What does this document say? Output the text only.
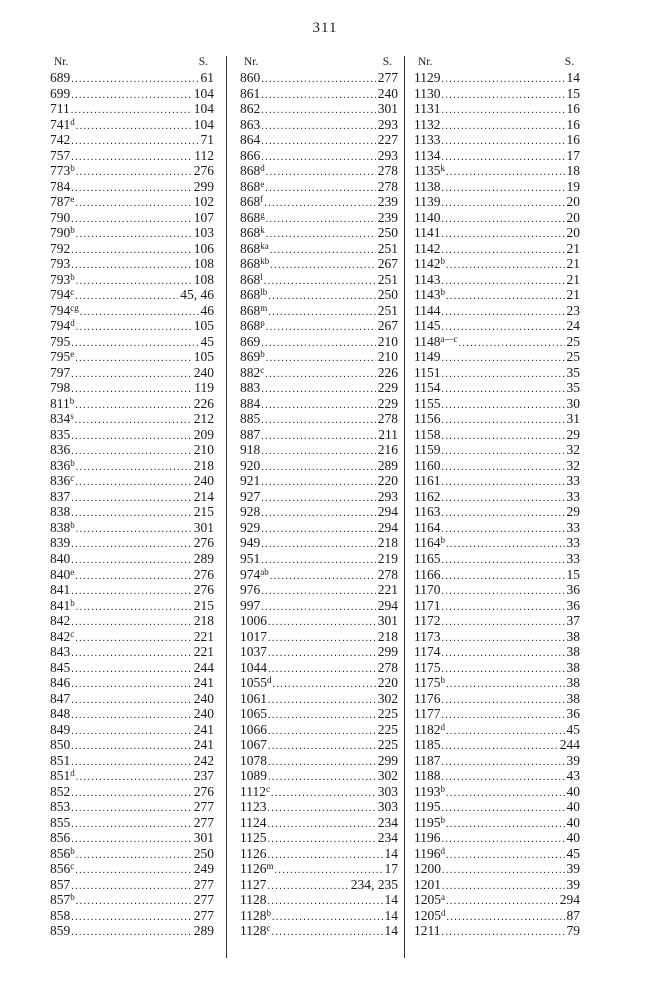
311
Nr.	S.
689 .....	61
699 .....	104
711 .....	104
741$^d$ .....	104
742 .....	71
757 .....	112
773$^b$ .....	276
784 .....	299
787e .....	102
790 .....	107
790$^b$ .....	103
792 .....	106
793 .....	108
793$^b$ .....	108
794$^c$ .....	45, 46
$794^{cg}$ .....	46
794$^d$ .....	105
795 .....	45
795e .....	105
797 .....	240
798 .....	119
811$^b$ .....	226
834$^s$ .....	212
835 .....	209
836 .....	210
836$^b$ .....	218
836$^c$ .....	240
837 .....	214
838 .....	215
838$^b$ .....	301
839 .....	276
840 .....	289
840e .....	276
841 .....	276
841$^b$ .....	215
842 .....	218
842$^c$ .....	221
843 .....	221
845 .....	244
846 .....	241
847 .....	240
848 .....	240
849 .....	241
850 .....	241
851 .....	242
851$^d$ .....	237
852 .....	276
853 .....	277
855 .....	277
856 .....	301
856$^b$ .....	250
856$^c$ .....	249
857 .....	277
857$^b$ .....	277
858 .....	277
859 .....	289
Nr.	S.
860 .....	277
861 .....	240
862 .....	301
863 .....	293
864 .....	227
866 .....	293
868$^d$ .....	278
868e .....	278
868$^f$ .....	239
868$^g$ .....	239
868$^k$ .....	250
$868^{ka}$ .....	251
$868^{kb}$ .....	267
868$^l$ .....	251
$868^{lb}$ .....	250
868$^m$ .....	251
868$^p$ .....	267
869 .....	210
869$^b$ .....	210
882$^c$ .....	226
883 .....	229
884 .....	229
885 .....	278
887 .....	211
918 .....	216
920 .....	289
921 .....	220
927 .....	293
928 .....	294
929 .....	294
949 .....	218
951 .....	219
$974^{ab}$ .....	278
976 .....	221
997 .....	294
1006 .....	301
1017 .....	218
1037 .....	299
1044 .....	278
1055$^d$ .....	220
1061 .....	302
1065 .....	225
1066 .....	225
1067 .....	225
1078 .....	299
1089 .....	302
1112$^c$ .....	303
1123 .....	303
1124 .....	234
1125 .....	234
1126 .....	14
1126$^m$ .....	17
1127 .....	234, 235
1128 .....	14
1128$^b$ .....	14
1128$^c$ .....	14
Nr.	S.
1129 .....	14
1130 .....	15
1131 .....	16
1132 .....	16
1133 .....	16
1134 .....	17
1135$^k$ .....	18
1138 .....	19
1139 .....	20
1140 .....	20
1141 .....	20
1142 .....	21
1142$^b$ .....	21
1143 .....	21
1143$^b$ .....	21
1144 .....	23
1145 .....	24
$1148^{a—c}$ .....	25
1149 .....	25
1151 .....	35
1154 .....	35
1155 .....	30
1156 .....	31
1158 .....	29
1159 .....	32
1160 .....	32
1161 .....	33
1162 .....	33
1163 .....	29
1164 .....	33
1164$^b$ .....	33
1165 .....	33
1166 .....	15
1170 .....	36
1171 .....	36
1172 .....	37
1173 .....	38
1174 .....	38
1175 .....	38
1175$^b$ .....	38
1176 .....	38
1177 .....	36
1182$^d$ .....	45
1185 .....	244
1187 .....	39
1188 .....	43
1193$^b$ .....	40
1195 .....	40
1195$^b$ .....	40
1196 .....	40
1196$^d$ .....	45
1200 .....	39
1201 .....	39
1205$^a$ .....	294
1205$^d$ .....	87
1211 .....	79
